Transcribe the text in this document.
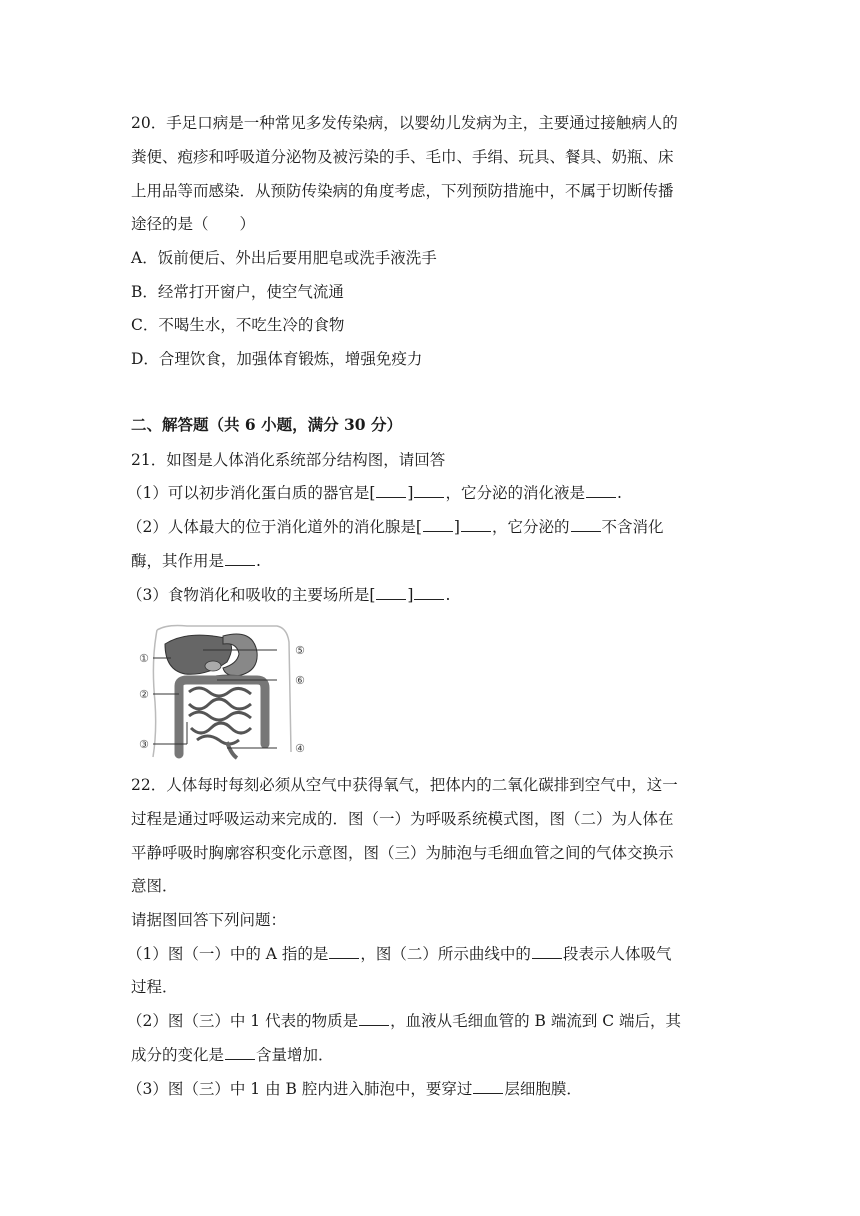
20．手足口病是一种常见多发传染病，以婴幼儿发病为主，主要通过接触病人的
粪便、疱疹和呼吸道分泌物及被污染的手、毛巾、手绢、玩具、餐具、奶瓶、床
上用品等而感染．从预防传染病的角度考虑，下列预防措施中，不属于切断传播
途径的是（　　）
A．饭前便后、外出后要用肥皂或洗手液洗手
B．经常打开窗户，使空气流通
C．不喝生水，不吃生冷的食物
D．合理饮食，加强体育锻炼，增强免疫力
二、解答题（共 6 小题，满分 30 分）
21．如图是人体消化系统部分结构图，请回答
（1）可以初步消化蛋白质的器官是[ ] ，它分泌的消化液是 .
（2）人体最大的位于消化道外的消化腺是[ ] ，它分泌的 不含消化
酶，其作用是 .
（3）食物消化和吸收的主要场所是[ ] .
①
②
③	④
⑤
⑥
22．人体每时每刻必须从空气中获得氧气，把体内的二氧化碳排到空气中，这一
过程是通过呼吸运动来完成的．图（一）为呼吸系统模式图，图（二）为人体在
平静呼吸时胸廓容积变化示意图，图（三）为肺泡与毛细血管之间的气体交换示
意图．
请据图回答下列问题：
（1）图（一）中的 A 指的是 ，图（二）所示曲线中的 段表示人体吸气
过程．
（2）图（三）中 1 代表的物质是 ，血液从毛细血管的 B 端流到 C 端后，其
成分的变化是 含量增加．
（3）图（三）中 1 由 B 腔内进入肺泡中，要穿过 层细胞膜．
